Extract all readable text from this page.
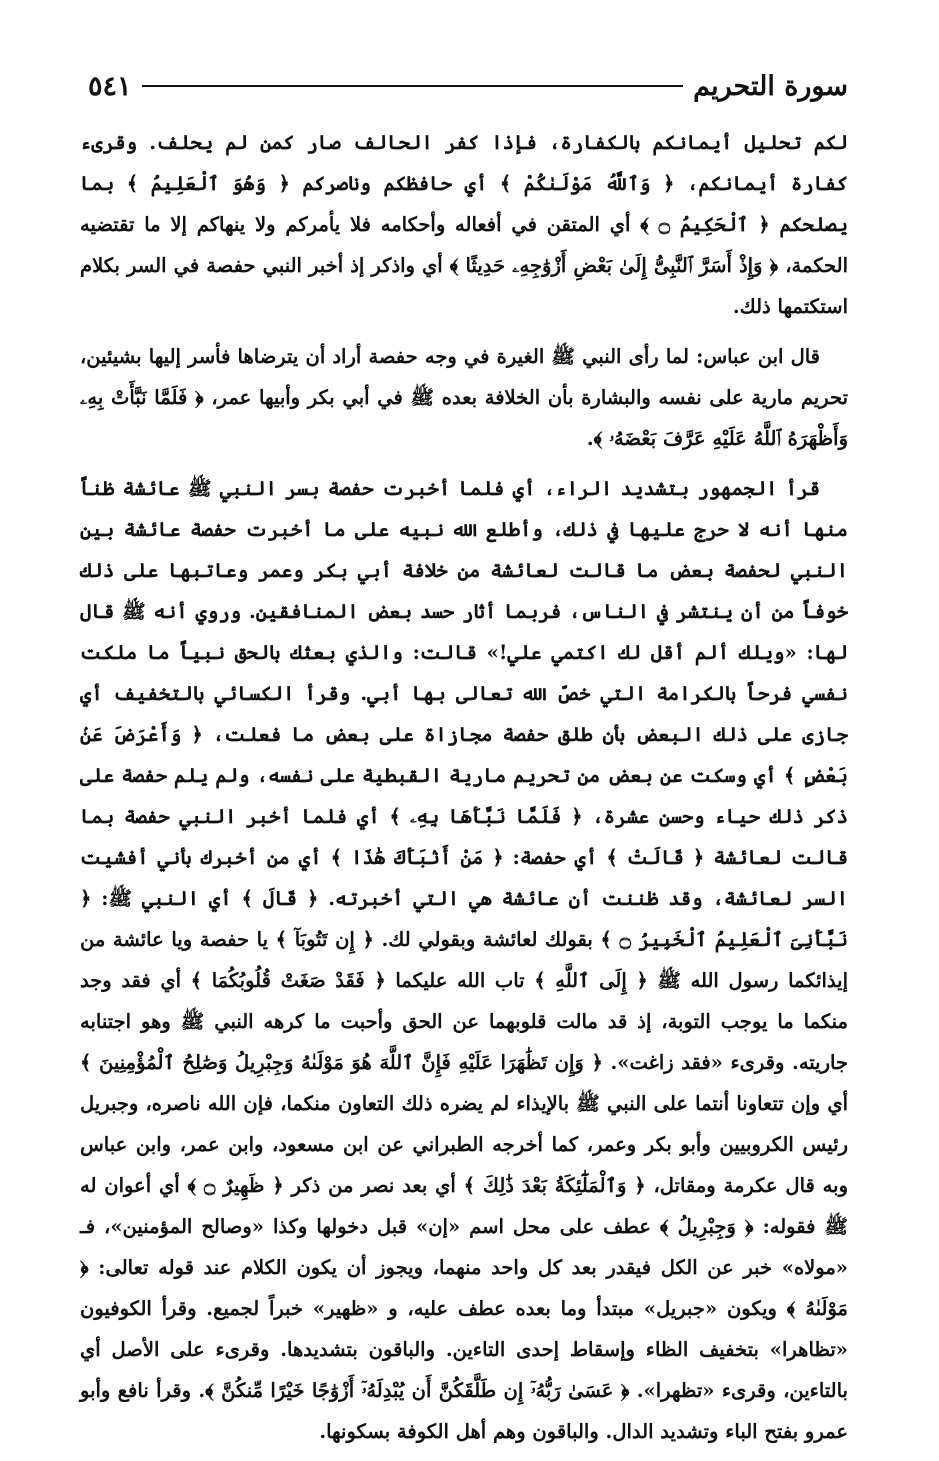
سورة التحريم
٥٤١

لكم تحليل أيمانكم بالكفارة، فإذا كفر الحالف صار كمن لم يحلف. وقرىء كفارة أيمانكم، ﴿ وَٱللَّهُ مَوْلَىٰكُمْ ﴾ أي حافظكم وناصركم ﴿ وَهُوَ ٱلْعَلِيمُ ﴾ بما يصلحكم ﴿ ٱلْحَكِيمُ ۝ ﴾ أي المتقن في أفعاله وأحكامه فلا يأمركم ولا ينهاكم إلا ما تقتضيه الحكمة، ﴿ وَإِذْ أَسَرَّ ٱلنَّبِىُّ إِلَىٰ بَعْضِ أَزْوَٰجِهِۦ حَدِيثًا ﴾ أي واذكر إذ أخبر النبي حفصة في السر بكلام استكتمها ذلك.

قال ابن عباس: لما رأى النبي ﷺ الغيرة في وجه حفصة أراد أن يترضاها فأسر إليها بشيئين، تحريم مارية على نفسه والبشارة بأن الخلافة بعده ﷺ في أبي بكر وأبيها عمر، ﴿ فَلَمَّا نَبَّأَتْ بِهِۦ وَأَظْهَرَهُ ٱللَّهُ عَلَيْهِ عَرَّفَ بَعْضَهُۥ ﴾.

قرأ الجمهور بتشديد الراء، أي فلما أخبرت حفصة بسر النبي ﷺ عائشة ظناً منها أنه لا حرج عليها في ذلك، وأطلع الله نبيه على ما أخبرت حفصة عائشة بين النبي لحفصة بعض ما قالت لعائشة من خلافة أبي بكر وعمر وعاتبها على ذلك خوفاً من أن ينتشر في الناس، فربما أثار حسد بعض المنافقين. وروي أنه ﷺ قال لها: «ويلك ألم أقل لك اكتمي علي!» قالت: والذي بعثك بالحق نبياً ما ملكت نفسي فرحاً بالكرامة التي خصّ الله تعالى بها أبي. وقرأ الكسائي بالتخفيف أي جازى على ذلك البعض بأن طلق حفصة مجازاة على بعض ما فعلت، ﴿ وَأَعْرَضَ عَنۢ بَعْضٍ ﴾ أي وسكت عن بعض من تحريم مارية القبطية على نفسه، ولم يلم حفصة على ذكر ذلك حياء وحسن عشرة، ﴿ فَلَمَّا نَبَّأَهَا بِهِۦ ﴾ أي فلما أخبر النبي حفصة بما قالت لعائشة ﴿ قَالَتْ ﴾ أي حفصة: ﴿ مَنْ أَنۢبَأَكَ هَٰذَا ﴾ أي من أخبرك بأني أفشيت السر لعائشة، وقد ظننت أن عائشة هي التي أخبرته. ﴿ قَالَ ﴾ أي النبي ﷺ: ﴿ نَبَّأَنِىَ ٱلْعَلِيمُ ٱلْخَبِيرُ ۝ ﴾ بقولك لعائشة وبقولي لك. ﴿ إِن تَتُوبَآ ﴾ يا حفصة ويا عائشة من إيذائكما رسول الله ﷺ ﴿ إِلَى ٱللَّهِ ﴾ تاب الله عليكما ﴿ فَقَدْ صَغَتْ قُلُوبُكُمَا ﴾ أي فقد وجد منكما ما يوجب التوبة، إذ قد مالت قلوبهما عن الحق وأحبت ما كرهه النبي ﷺ وهو اجتنابه جاريته. وقرىء «فقد زاغت». ﴿ وَإِن تَظَٰهَرَا عَلَيْهِ فَإِنَّ ٱللَّهَ هُوَ مَوْلَىٰهُ وَجِبْرِيلُ وَصَٰلِحُ ٱلْمُؤْمِنِينَ ﴾ أي وإن تتعاونا أنتما على النبي ﷺ بالإيذاء لم يضره ذلك التعاون منكما، فإن الله ناصره، وجبريل رئيس الكروبيين وأبو بكر وعمر، كما أخرجه الطبراني عن ابن مسعود، وابن عمر، وابن عباس وبه قال عكرمة ومقاتل، ﴿ وَٱلْمَلَٰٓئِكَةُ بَعْدَ ذَٰلِكَ ﴾ أي بعد نصر من ذكر ﴿ ظَهِيرٌ ۝ ﴾ أي أعوان له ﷺ فقوله: ﴿ وَجِبْرِيلُ ﴾ عطف على محل اسم «إن» قبل دخولها وكذا «وصالح المؤمنين»، فـ «مولاه» خبر عن الكل فيقدر بعد كل واحد منهما، ويجوز أن يكون الكلام عند قوله تعالى: ﴿ مَوْلَىٰهُ ﴾ ويكون «جبريل» مبتدأ وما بعده عطف عليه، و «ظهير» خبراً لجميع. وقرأ الكوفيون «تظاهرا» بتخفيف الظاء وإسقاط إحدى التاءين. والباقون بتشديدها. وقرىء على الأصل أي بالتاءين، وقرىء «تظهرا». ﴿ عَسَىٰ رَبُّهُۥٓ إِن طَلَّقَكُنَّ أَن يُبْدِلَهُۥٓ أَزْوَٰجًا خَيْرًا مِّنكُنَّ ﴾. وقرأ نافع وأبو عمرو بفتح الباء وتشديد الدال. والباقون وهم أهل الكوفة بسكونها.
